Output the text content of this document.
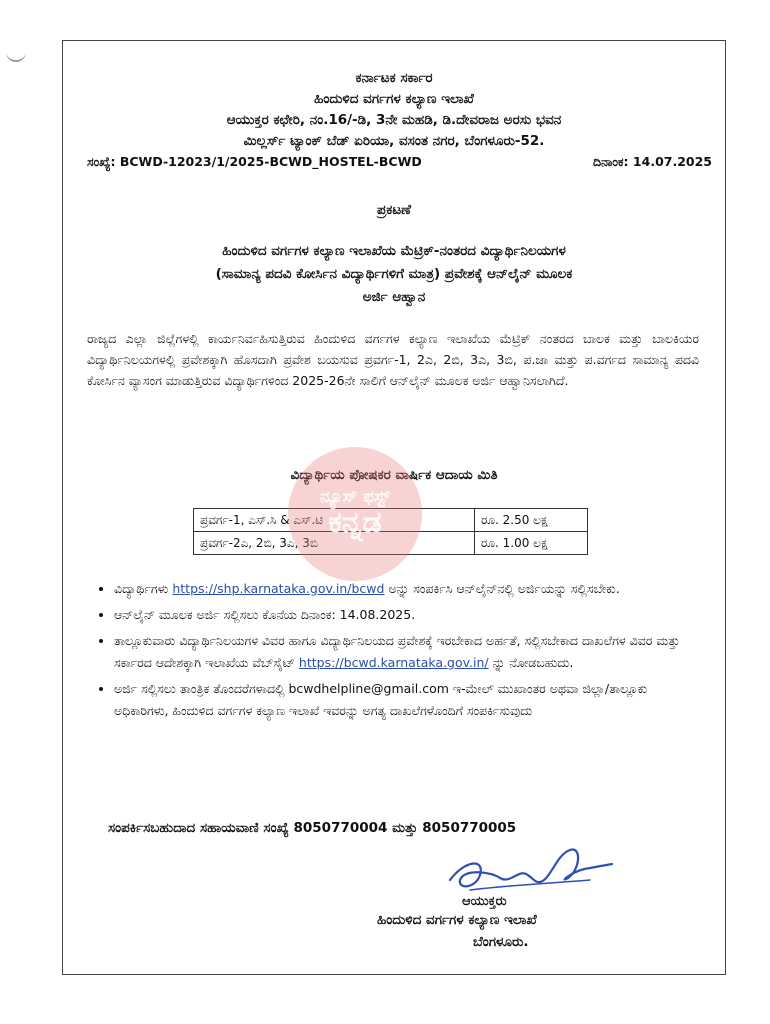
ಕರ್ನಾಟಕ ಸರ್ಕಾರ
ಹಿಂದುಳಿದ ವರ್ಗಗಳ ಕಲ್ಯಾಣ ಇಲಾಖೆ
ಆಯುಕ್ತರ ಕಛೇರಿ, ನಂ.16/-ಡಿ, 3ನೇ ಮಹಡಿ, ಡಿ.ದೇವರಾಜ ಅರಸು ಭವನ
ಮಿಲ್ಲರ್ಸ್ ಟ್ಯಾಂಕ್ ಬೆಡ್ ಏರಿಯಾ, ವಸಂತ ನಗರ, ಬೆಂಗಳೂರು-52.
ಸಂಖ್ಯೆ: BCWD-12023/1/2025-BCWD_HOSTEL-BCWD	ದಿನಾಂಕ: 14.07.2025
ಪ್ರಕಟಣೆ
ಹಿಂದುಳಿದ ವರ್ಗಗಳ ಕಲ್ಯಾಣ ಇಲಾಖೆಯ ಮೆಟ್ರಿಕ್-ನಂತರದ ವಿದ್ಯಾರ್ಥಿನಿಲಯಗಳ
(ಸಾಮಾನ್ಯ ಪದವಿ ಕೋರ್ಸಿನ ವಿದ್ಯಾರ್ಥಿಗಳಿಗೆ ಮಾತ್ರ) ಪ್ರವೇಶಕ್ಕೆ ಆನ್‌ಲೈನ್ ಮೂಲಕ
ಅರ್ಜಿ ಆಹ್ವಾನ
ರಾಜ್ಯದ ಎಲ್ಲಾ ಜಿಲ್ಲೆಗಳಲ್ಲಿ ಕಾರ್ಯನಿರ್ವಹಿಸುತ್ತಿರುವ ಹಿಂದುಳಿದ ವರ್ಗಗಳ ಕಲ್ಯಾಣ ಇಲಾಖೆಯ ಮೆಟ್ರಿಕ್ ನಂತರದ ಬಾಲಕ ಮತ್ತು ಬಾಲಕಿಯರ ವಿದ್ಯಾರ್ಥಿನಿಲಯಗಳಲ್ಲಿ ಪ್ರವೇಶಕ್ಕಾಗಿ ಹೊಸದಾಗಿ ಪ್ರವೇಶ ಬಯಸುವ ಪ್ರವರ್ಗ-1, 2ಎ, 2ಬಿ, 3ಎ, 3ಬಿ, ಪ.ಜಾ ಮತ್ತು ಪ.ವರ್ಗದ ಸಾಮಾನ್ಯ ಪದವಿ ಕೋರ್ಸಿನ ವ್ಯಾಸಂಗ ಮಾಡುತ್ತಿರುವ ವಿದ್ಯಾರ್ಥಿಗಳಿಂದ 2025-26ನೇ ಸಾಲಿಗೆ ಆನ್‌ಲೈನ್ ಮೂಲಕ ಅರ್ಜಿ ಆಹ್ವಾನಿಸಲಾಗಿದೆ.
ವಿದ್ಯಾರ್ಥಿಯ ಪೋಷಕರ ವಾರ್ಷಿಕ ಆದಾಯ ಮಿತಿ
ಪ್ರವರ್ಗ-1, ಎಸ್.ಸಿ & ಎಸ್.ಟಿ	ರೂ. 2.50 ಲಕ್ಷ
ಪ್ರವರ್ಗ-2ಎ, 2ಬಿ, 3ಎ, 3ಬಿ	ರೂ. 1.00 ಲಕ್ಷ
ನ್ಯೂಸ್ ಫಸ್ಟ್
ಕನ್ನಡ
• ವಿದ್ಯಾರ್ಥಿಗಳು https://shp.karnataka.gov.in/bcwd ಅನ್ನು ಸಂಪರ್ಕಿಸಿ ಆನ್‌ಲೈನ್‌ನಲ್ಲಿ ಅರ್ಜಿಯನ್ನು ಸಲ್ಲಿಸಬೇಕು.
• ಆನ್‌ಲೈನ್ ಮೂಲಕ ಅರ್ಜಿ ಸಲ್ಲಿಸಲು ಕೊನೆಯ ದಿನಾಂಕ: 14.08.2025.
• ತಾಲ್ಲೂಕುವಾರು ವಿದ್ಯಾರ್ಥಿನಿಲಯಗಳ ವಿವರ ಹಾಗೂ ವಿದ್ಯಾರ್ಥಿನಿಲಯದ ಪ್ರವೇಶಕ್ಕೆ ಇರಬೇಕಾದ ಅರ್ಹತೆ, ಸಲ್ಲಿಸಬೇಕಾದ ದಾಖಲೆಗಳ ವಿವರ ಮತ್ತು ಸರ್ಕಾರದ ಆದೇಶಕ್ಕಾಗಿ ಇಲಾಖೆಯ ವೆಬ್‌ಸೈಟ್ https://bcwd.karnataka.gov.in/ ನ್ನು ನೋಡಬಹುದು.
• ಅರ್ಜಿ ಸಲ್ಲಿಸಲು ತಾಂತ್ರಿಕ ತೊಂದರೆಗಳಾದಲ್ಲಿ bcwdhelpline@gmail.com ಇ-ಮೇಲ್ ಮುಖಾಂತರ ಅಥವಾ ಜಿಲ್ಲಾ/ತಾಲ್ಲೂಕು ಅಧಿಕಾರಿಗಳು, ಹಿಂದುಳಿದ ವರ್ಗಗಳ ಕಲ್ಯಾಣ ಇಲಾಖೆ ಇವರನ್ನು ಅಗತ್ಯ ದಾಖಲೆಗಳೊಂದಿಗೆ ಸಂಪರ್ಕಿಸುವುದು
ಸಂಪರ್ಕಿಸಬಹುದಾದ ಸಹಾಯವಾಣಿ ಸಂಖ್ಯೆ 8050770004 ಮತ್ತು 8050770005
ಆಯುಕ್ತರು
ಹಿಂದುಳಿದ ವರ್ಗಗಳ ಕಲ್ಯಾಣ ಇಲಾಖೆ
ಬೆಂಗಳೂರು.
